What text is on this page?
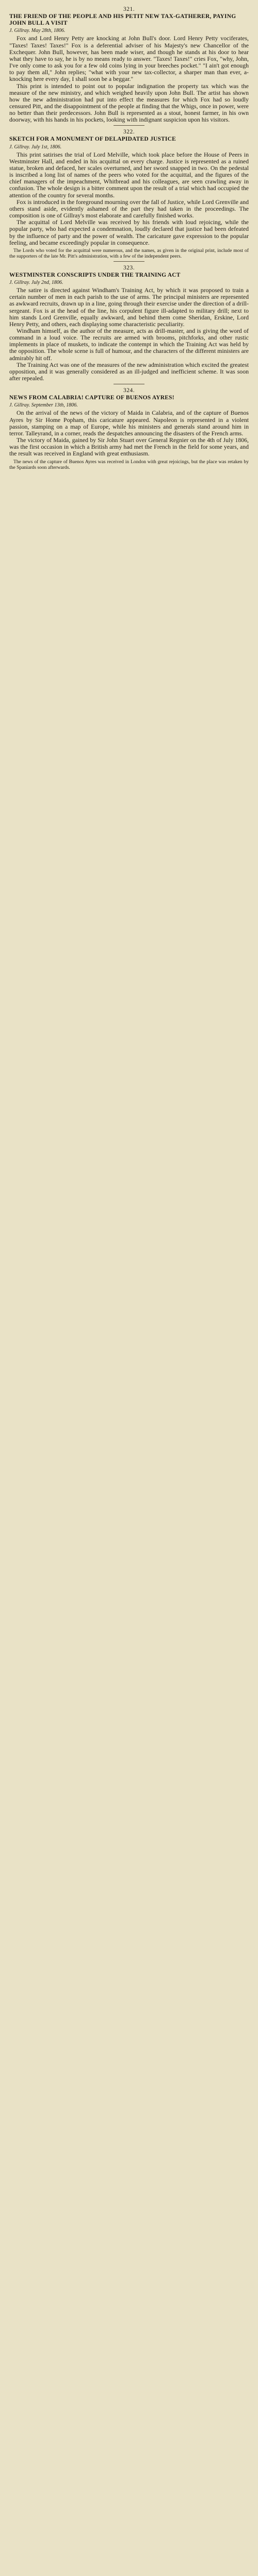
321.
THE FRIEND OF THE PEOPLE AND HIS PETIT NEW TAX-GATHERER, PAYING JOHN BULL A VISIT
J. Gillray. May 28th, 1806.

Fox and Lord Henry Petty are knocking at John Bull's door. Lord Henry Petty vociferates, "Taxes! Taxes! Taxes!" Fox is a deferential adviser of his Majesty's new Chancellor of the Exchequer. John Bull, however, has been made wiser, and though he stands at his door to hear what they have to say, he is by no means ready to answer. "Taxes! Taxes!" cries Fox, "why, John, I've only come to ask you for a few old coins lying in your breeches pocket." "I ain't got enough to pay them all," John replies; "what with your new tax-collector, a sharper man than ever, a-knocking here every day, I shall soon be a beggar."

This print is intended to point out to popular indignation the property tax which was the measure of the new ministry, and which weighed heavily upon John Bull. The artist has shown how the new administration had put into effect the measures for which Fox had so loudly censured Pitt, and the disappointment of the people at finding that the Whigs, once in power, were no better than their predecessors. John Bull is represented as a stout, honest farmer, in his own doorway, with his hands in his pockets, looking with indignant suspicion upon his visitors.

322.
SKETCH FOR A MONUMENT OF DELAPIDATED JUSTICE
J. Gillray. July 1st, 1806.

This print satirises the trial of Lord Melville, which took place before the House of Peers in Westminster Hall, and ended in his acquittal on every charge. Justice is represented as a ruined statue, broken and defaced, her scales overturned, and her sword snapped in two. On the pedestal is inscribed a long list of names of the peers who voted for the acquittal, and the figures of the chief managers of the impeachment, Whitbread and his colleagues, are seen crawling away in confusion. The whole design is a bitter comment upon the result of a trial which had occupied the attention of the country for several months.

Fox is introduced in the foreground mourning over the fall of Justice, while Lord Grenville and others stand aside, evidently ashamed of the part they had taken in the proceedings. The composition is one of Gillray's most elaborate and carefully finished works.

The acquittal of Lord Melville was received by his friends with loud rejoicing, while the popular party, who had expected a condemnation, loudly declared that justice had been defeated by the influence of party and the power of wealth. The caricature gave expression to the popular feeling, and became exceedingly popular in consequence.

The Lords who voted for the acquittal were numerous, and the names, as given in the original print, include most of the supporters of the late Mr. Pitt's administration, with a few of the independent peers.

323.
WESTMINSTER CONSCRIPTS UNDER THE TRAINING ACT
J. Gillray. July 2nd, 1806.

The satire is directed against Windham's Training Act, by which it was proposed to train a certain number of men in each parish to the use of arms. The principal ministers are represented as awkward recruits, drawn up in a line, going through their exercise under the direction of a drill-sergeant. Fox is at the head of the line, his corpulent figure ill-adapted to military drill; next to him stands Lord Grenville, equally awkward, and behind them come Sheridan, Erskine, Lord Henry Petty, and others, each displaying some characteristic peculiarity.

Windham himself, as the author of the measure, acts as drill-master, and is giving the word of command in a loud voice. The recruits are armed with brooms, pitchforks, and other rustic implements in place of muskets, to indicate the contempt in which the Training Act was held by the opposition. The whole scene is full of humour, and the characters of the different ministers are admirably hit off.

The Training Act was one of the measures of the new administration which excited the greatest opposition, and it was generally considered as an ill-judged and inefficient scheme. It was soon after repealed.

324.
NEWS FROM CALABRIA! CAPTURE OF BUENOS AYRES!
J. Gillray. September 13th, 1806.

On the arrival of the news of the victory of Maida in Calabria, and of the capture of Buenos Ayres by Sir Home Popham, this caricature appeared. Napoleon is represented in a violent passion, stamping on a map of Europe, while his ministers and generals stand around him in terror. Talleyrand, in a corner, reads the despatches announcing the disasters of the French arms.

The victory of Maida, gained by Sir John Stuart over General Regnier on the 4th of July 1806, was the first occasion in which a British army had met the French in the field for some years, and the result was received in England with great enthusiasm.

The news of the capture of Buenos Ayres was received in London with great rejoicings, but the place was retaken by the Spaniards soon afterwards.
